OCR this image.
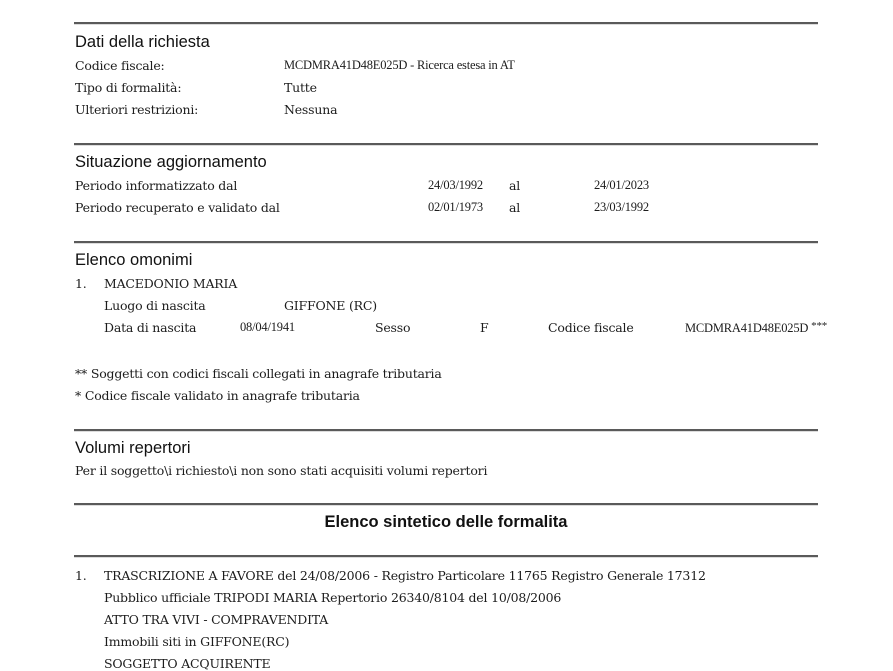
Dati della richiesta
Codice fiscale:	MCDMRA41D48E025D - Ricerca estesa in AT
Tipo di formalità:	Tutte
Ulteriori restrizioni:	Nessuna
Situazione aggiornamento
Periodo informatizzato dal	24/03/1992 al	24/01/2023
Periodo recuperato e validato dal	02/01/1973 al	23/03/1992
Elenco omonimi
1. MACEDONIO MARIA
Luogo di nascita	GIFFONE (RC)
Data di nascita	08/04/1941	Sesso	F	Codice fiscale	MCDMRA41D48E025D ***
** Soggetti con codici fiscali collegati in anagrafe tributaria
* Codice fiscale validato in anagrafe tributaria
Volumi repertori
Per il soggetto\i richiesto\i non sono stati acquisiti volumi repertori
Elenco sintetico delle formalita
1. TRASCRIZIONE A FAVORE del 24/08/2006 - Registro Particolare 11765 Registro Generale 17312
Pubblico ufficiale TRIPODI MARIA Repertorio 26340/8104 del 10/08/2006
ATTO TRA VIVI - COMPRAVENDITA
Immobili siti in GIFFONE(RC)
SOGGETTO ACQUIRENTE
